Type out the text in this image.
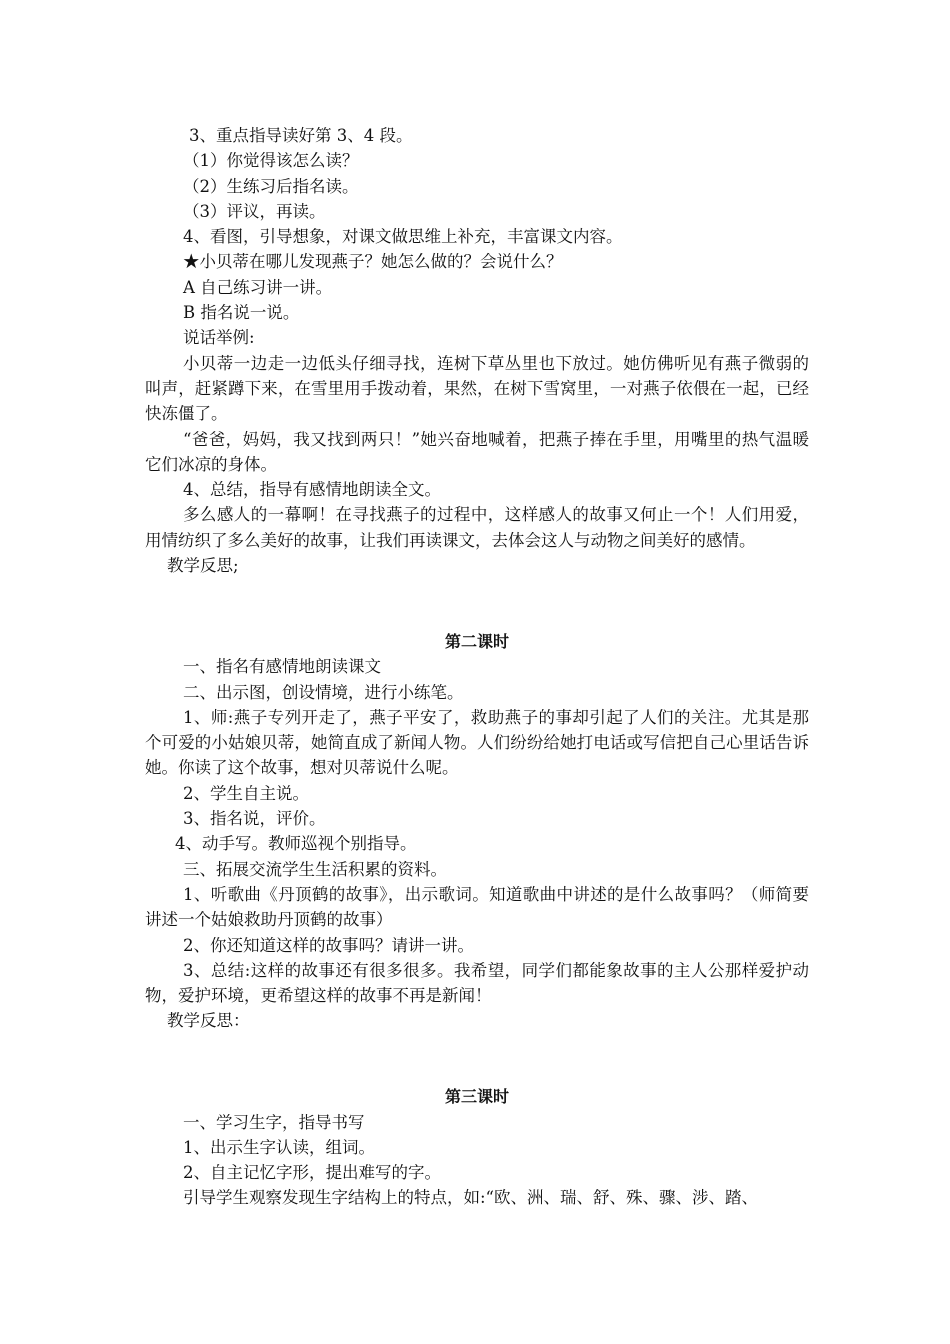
3、重点指导读好第 3、4 段。

（1）你觉得该怎么读？

（2）生练习后指名读。

（3）评议，再读。

4、看图，引导想象，对课文做思维上补充，丰富课文内容。

★小贝蒂在哪儿发现燕子？她怎么做的？会说什么？

A 自己练习讲一讲。

B 指名说一说。

说话举例:

小贝蒂一边走一边低头仔细寻找，连树下草丛里也下放过。她仿佛听见有燕子微弱的叫声，赶紧蹲下来，在雪里用手拨动着，果然，在树下雪窝里，一对燕子依偎在一起，已经快冻僵了。

“爸爸，妈妈，我又找到两只！”她兴奋地喊着，把燕子捧在手里，用嘴里的热气温暖它们冰凉的身体。

4、总结，指导有感情地朗读全文。

多么感人的一幕啊！在寻找燕子的过程中，这样感人的故事又何止一个！人们用爱，用情纺织了多么美好的故事，让我们再读课文，去体会这人与动物之间美好的感情。

教学反思;

第二课时

一、指名有感情地朗读课文

二、出示图，创设情境，进行小练笔。

1、师:燕子专列开走了，燕子平安了，救助燕子的事却引起了人们的关注。尤其是那个可爱的小姑娘贝蒂，她简直成了新闻人物。人们纷纷给她打电话或写信把自己心里话告诉她。你读了这个故事，想对贝蒂说什么呢。

2、学生自主说。

3、指名说，评价。

4、动手写。教师巡视个别指导。

三、拓展交流学生生活积累的资料。

1、听歌曲《丹顶鹤的故事》，出示歌词。知道歌曲中讲述的是什么故事吗？（师简要讲述一个姑娘救助丹顶鹤的故事）

2、你还知道这样的故事吗？请讲一讲。

3、总结:这样的故事还有很多很多。我希望，同学们都能象故事的主人公那样爱护动物，爱护环境，更希望这样的故事不再是新闻！

教学反思：

第三课时

一、学习生字，指导书写

1、出示生字认读，组词。

2、自主记忆字形，提出难写的字。

引导学生观察发现生字结构上的特点，如:“欧、洲、瑞、舒、殊、骤、涉、踏、
